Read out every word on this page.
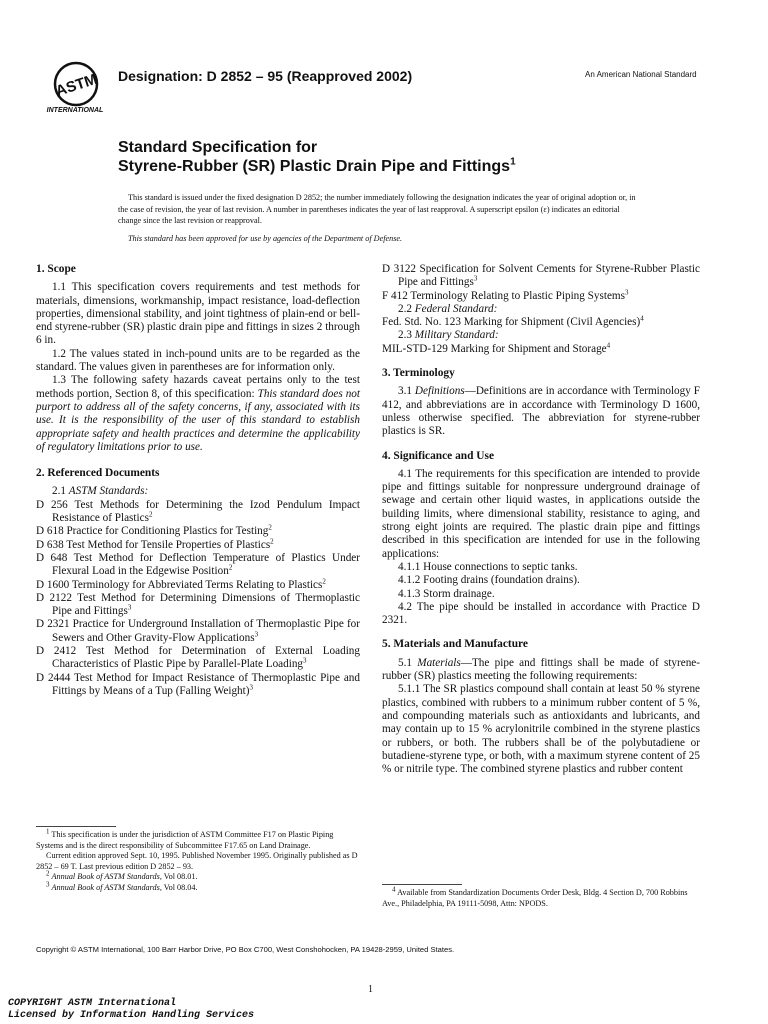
ASTM
INTERNATIONAL
Designation: D 2852 – 95 (Reapproved 2002)	An American National Standard
Standard Specification for
Styrene-Rubber (SR) Plastic Drain Pipe and Fittings$^1$

This standard is issued under the fixed designation D 2852; the number immediately following the designation indicates the year of original adoption or, in the case of revision, the year of last revision. A number in parentheses indicates the year of last reapproval. A superscript epsilon (ε) indicates an editorial change since the last revision or reapproval.

This standard has been approved for use by agencies of the Department of Defense.

1. Scope

1.1 This specification covers requirements and test methods for materials, dimensions, workmanship, impact resistance, load-deflection properties, dimensional stability, and joint tightness of plain-end or bell-end styrene-rubber (SR) plastic drain pipe and fittings in sizes 2 through 6 in.

1.2 The values stated in inch-pound units are to be regarded as the standard. The values given in parentheses are for information only.

1.3 The following safety hazards caveat pertains only to the test methods portion, Section 8, of this specification: This standard does not purport to address all of the safety concerns, if any, associated with its use. It is the responsibility of the user of this standard to establish appropriate safety and health practices and determine the applicability of regulatory limitations prior to use.

2. Referenced Documents

2.1 ASTM Standards:

D 256 Test Methods for Determining the Izod Pendulum Impact Resistance of Plastics$^2$

D 618 Practice for Conditioning Plastics for Testing$^2$

D 638 Test Method for Tensile Properties of Plastics$^2$

D 648 Test Method for Deflection Temperature of Plastics Under Flexural Load in the Edgewise Position$^2$

D 1600 Terminology for Abbreviated Terms Relating to Plastics$^2$

D 2122 Test Method for Determining Dimensions of Thermoplastic Pipe and Fittings$^3$

D 2321 Practice for Underground Installation of Thermoplastic Pipe for Sewers and Other Gravity-Flow Applications$^3$

D 2412 Test Method for Determination of External Loading Characteristics of Plastic Pipe by Parallel-Plate Loading$^3$

D 2444 Test Method for Impact Resistance of Thermoplastic Pipe and Fittings by Means of a Tup (Falling Weight)$^3$

$^1$ This specification is under the jurisdiction of ASTM Committee F17 on Plastic Piping Systems and is the direct responsibility of Subcommittee F17.65 on Land Drainage.

Current edition approved Sept. 10, 1995. Published November 1995. Originally published as D 2852 – 69 T. Last previous edition D 2852 – 93.

$^2$ Annual Book of ASTM Standards, Vol 08.01.

$^3$ Annual Book of ASTM Standards, Vol 08.04.

D 3122 Specification for Solvent Cements for Styrene-Rubber Plastic Pipe and Fittings$^3$

F 412 Terminology Relating to Plastic Piping Systems$^3$

2.2 Federal Standard:

Fed. Std. No. 123 Marking for Shipment (Civil Agencies)$^4$

2.3 Military Standard:

MIL-STD-129 Marking for Shipment and Storage$^4$

3. Terminology

3.1 Definitions—Definitions are in accordance with Terminology F 412, and abbreviations are in accordance with Terminology D 1600, unless otherwise specified. The abbreviation for styrene-rubber plastics is SR.

4. Significance and Use

4.1 The requirements for this specification are intended to provide pipe and fittings suitable for nonpressure underground drainage of sewage and certain other liquid wastes, in applications outside the building limits, where dimensional stability, resistance to aging, and strong eight joints are required. The plastic drain pipe and fittings described in this specification are intended for use in the following applications:

4.1.1 House connections to septic tanks.

4.1.2 Footing drains (foundation drains).

4.1.3 Storm drainage.

4.2 The pipe should be installed in accordance with Practice D 2321.

5. Materials and Manufacture

5.1 Materials—The pipe and fittings shall be made of styrene-rubber (SR) plastics meeting the following requirements:

5.1.1 The SR plastics compound shall contain at least 50 % styrene plastics, combined with rubbers to a minimum rubber content of 5 %, and compounding materials such as antioxidants and lubricants, and may contain up to 15 % acrylonitrile combined in the styrene plastics or rubbers, or both. The rubbers shall be of the polybutadiene or butadiene-styrene type, or both, with a maximum styrene content of 25 % or nitrile type. The combined styrene plastics and rubber content

$^4$ Available from Standardization Documents Order Desk, Bldg. 4 Section D, 700 Robbins Ave., Philadelphia, PA 19111-5098, Attn: NPODS.

Copyright © ASTM International, 100 Barr Harbor Drive, PO Box C700, West Conshohocken, PA 19428-2959, United States.
1
COPYRIGHT ASTM International
Licensed by Information Handling Services
